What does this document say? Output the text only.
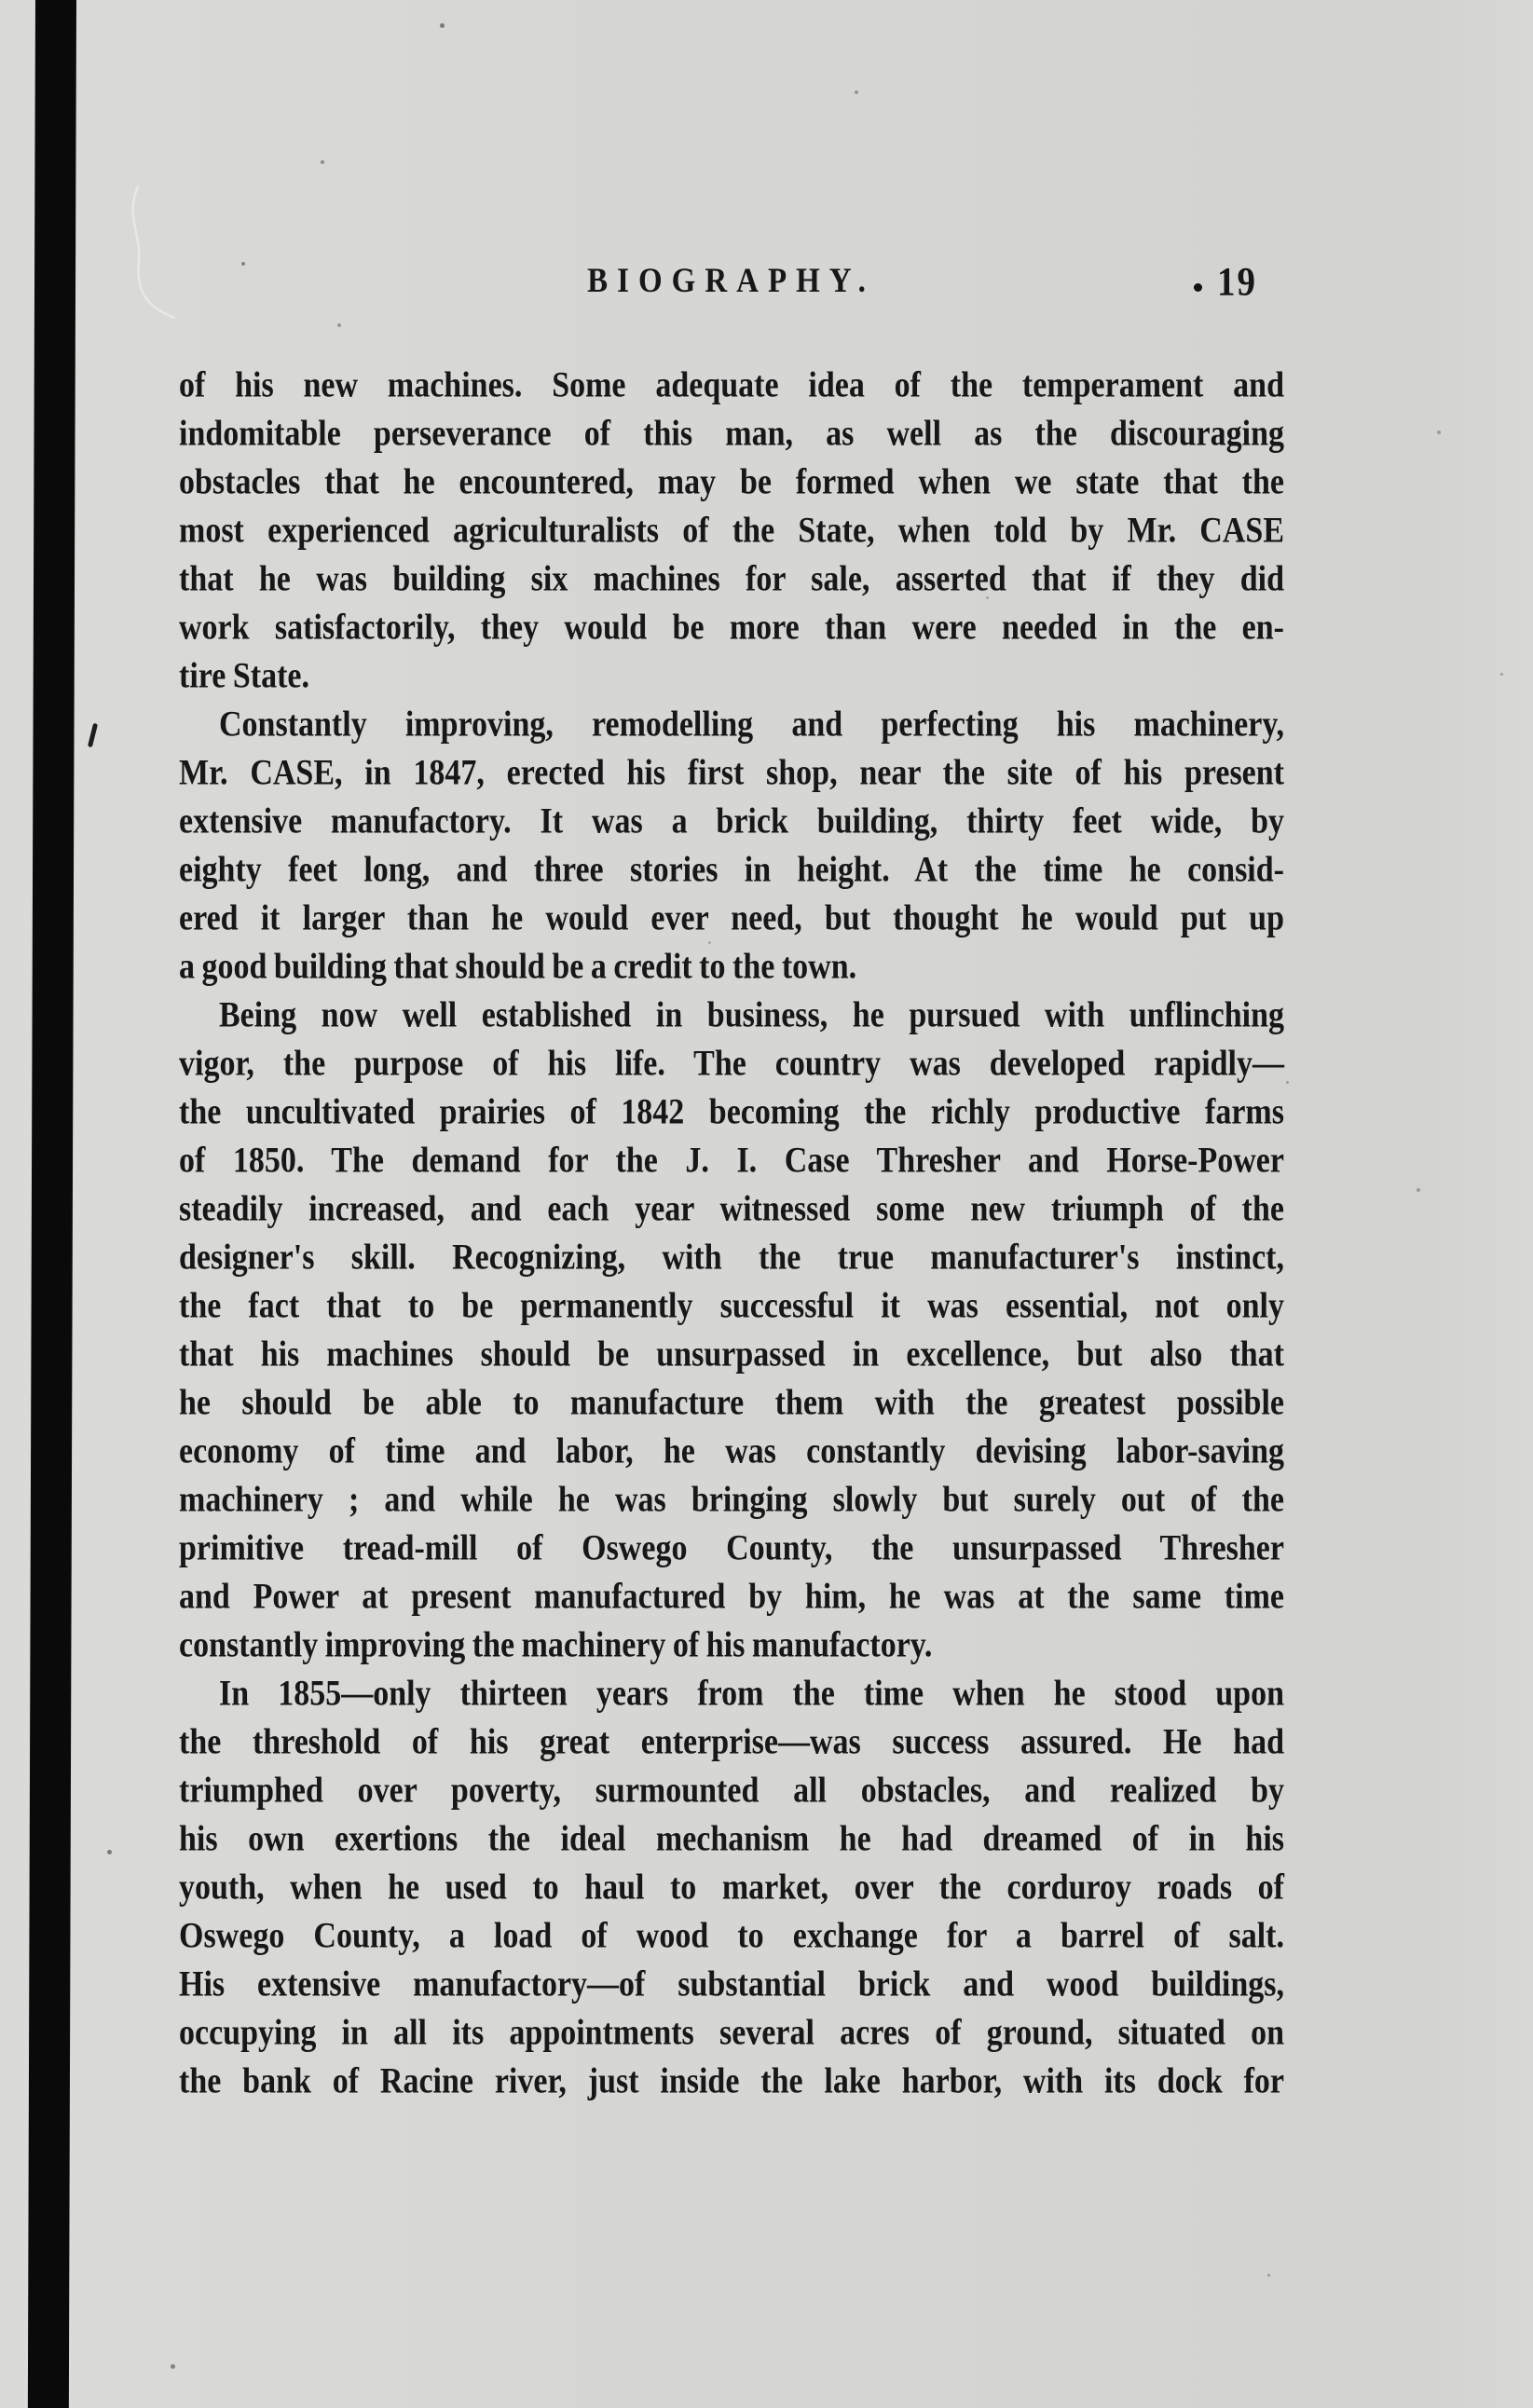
BIOGRAPHY.	19
of his new machines. Some adequate idea of the temperament and
indomitable perseverance of this man, as well as the discouraging
obstacles that he encountered, may be formed when we state that the
most experienced agriculturalists of the State, when told by Mr. CASE
that he was building six machines for sale, asserted that if they did
work satisfactorily, they would be more than were needed in the en-
tire State.
Constantly improving, remodelling and perfecting his machinery,
Mr. CASE, in 1847, erected his first shop, near the site of his present
extensive manufactory. It was a brick building, thirty feet wide, by
eighty feet long, and three stories in height. At the time he consid-
ered it larger than he would ever need, but thought he would put up
a good building that should be a credit to the town.
Being now well established in business, he pursued with unflinching
vigor, the purpose of his life. The country was developed rapidly—
the uncultivated prairies of 1842 becoming the richly productive farms
of 1850. The demand for the J. I. Case Thresher and Horse-Power
steadily increased, and each year witnessed some new triumph of the
designer's skill. Recognizing, with the true manufacturer's instinct,
the fact that to be permanently successful it was essential, not only
that his machines should be unsurpassed in excellence, but also that
he should be able to manufacture them with the greatest possible
economy of time and labor, he was constantly devising labor-saving
machinery ; and while he was bringing slowly but surely out of the
primitive tread-mill of Oswego County, the unsurpassed Thresher
and Power at present manufactured by him, he was at the same time
constantly improving the machinery of his manufactory.
In 1855—only thirteen years from the time when he stood upon
the threshold of his great enterprise—was success assured. He had
triumphed over poverty, surmounted all obstacles, and realized by
his own exertions the ideal mechanism he had dreamed of in his
youth, when he used to haul to market, over the corduroy roads of
Oswego County, a load of wood to exchange for a barrel of salt.
His extensive manufactory—of substantial brick and wood buildings,
occupying in all its appointments several acres of ground, situated on
the bank of Racine river, just inside the lake harbor, with its dock for
